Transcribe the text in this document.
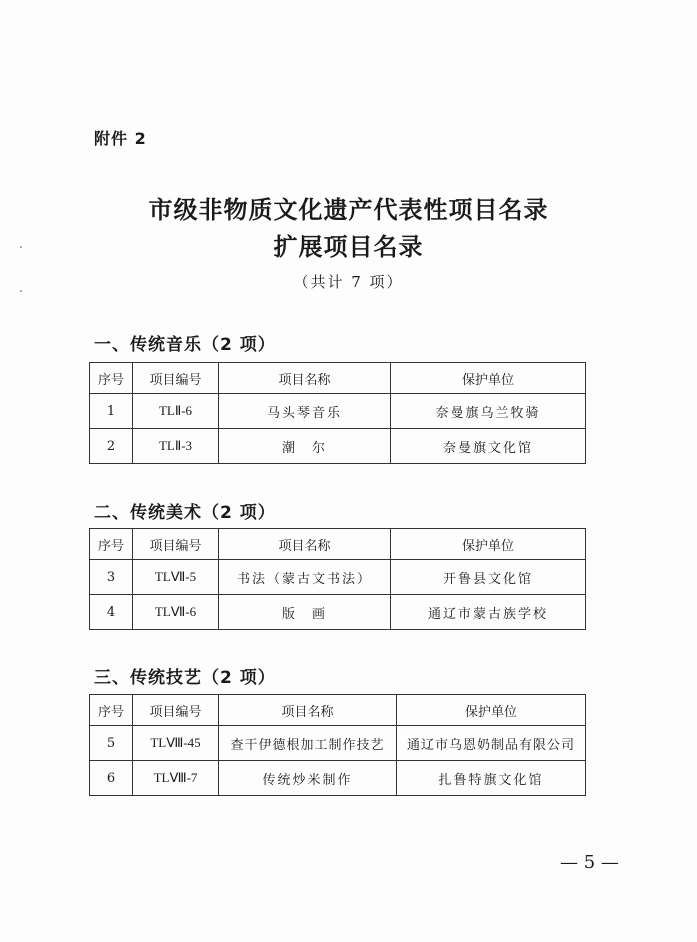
附件 2
市级非物质文化遗产代表性项目名录
扩展项目名录
（共计 7 项）
一、传统音乐（2 项）
序号	项目编号	项目名称	保护单位
1	TLⅡ-6	马头琴音乐	奈曼旗乌兰牧骑
2	TLⅡ-3	潮　尔	奈曼旗文化馆
二、传统美术（2 项）
序号	项目编号	项目名称	保护单位
3	TLⅦ-5	书法（蒙古文书法）	开鲁县文化馆
4	TLⅦ-6	版　画	通辽市蒙古族学校
三、传统技艺（2 项）
序号	项目编号	项目名称	保护单位
5	TLⅧ-45	查干伊德根加工制作技艺	通辽市乌恩奶制品有限公司
6	TLⅧ-7	传统炒米制作	扎鲁特旗文化馆
— 5 —
